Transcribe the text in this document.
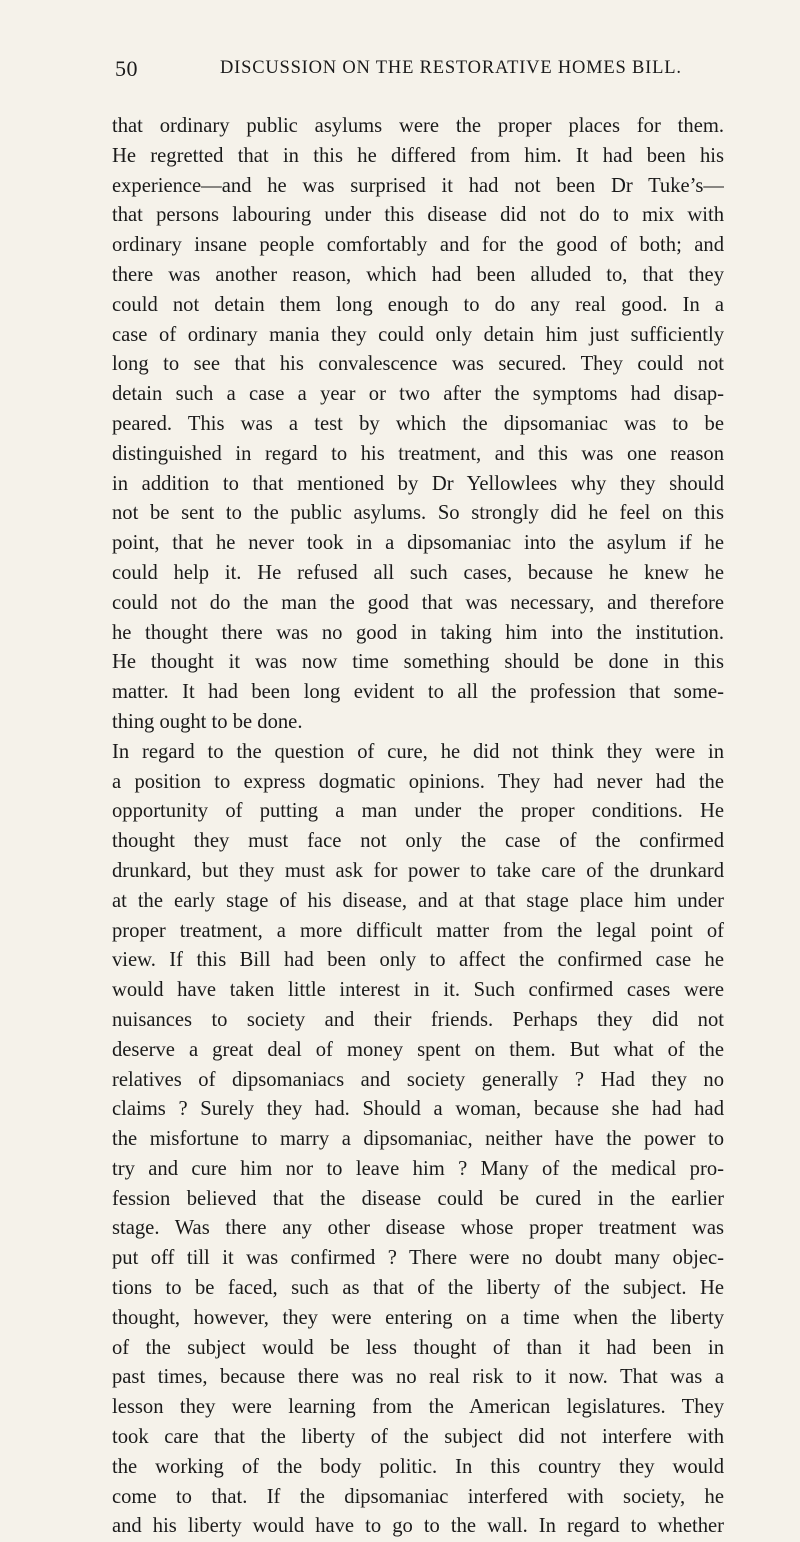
50	DISCUSSION ON THE RESTORATIVE HOMES BILL.
that ordinary public asylums were the proper places for them.
He regretted that in this he differed from him. It had been his
experience—and he was surprised it had not been Dr Tuke’s—
that persons labouring under this disease did not do to mix with
ordinary insane people comfortably and for the good of both; and
there was another reason, which had been alluded to, that they
could not detain them long enough to do any real good. In a
case of ordinary mania they could only detain him just sufficiently
long to see that his convalescence was secured. They could not
detain such a case a year or two after the symptoms had disap-
peared. This was a test by which the dipsomaniac was to be
distinguished in regard to his treatment, and this was one reason
in addition to that mentioned by Dr Yellowlees why they should
not be sent to the public asylums. So strongly did he feel on this
point, that he never took in a dipsomaniac into the asylum if he
could help it. He refused all such cases, because he knew he
could not do the man the good that was necessary, and therefore
he thought there was no good in taking him into the institution.
He thought it was now time something should be done in this
matter. It had been long evident to all the profession that some-
thing ought to be done.
In regard to the question of cure, he did not think they were in
a position to express dogmatic opinions. They had never had the
opportunity of putting a man under the proper conditions. He
thought they must face not only the case of the confirmed
drunkard, but they must ask for power to take care of the drunkard
at the early stage of his disease, and at that stage place him under
proper treatment, a more difficult matter from the legal point of
view. If this Bill had been only to affect the confirmed case he
would have taken little interest in it. Such confirmed cases were
nuisances to society and their friends. Perhaps they did not
deserve a great deal of money spent on them. But what of the
relatives of dipsomaniacs and society generally ? Had they no
claims ? Surely they had. Should a woman, because she had had
the misfortune to marry a dipsomaniac, neither have the power to
try and cure him nor to leave him ? Many of the medical pro-
fession believed that the disease could be cured in the earlier
stage. Was there any other disease whose proper treatment was
put off till it was confirmed ? There were no doubt many objec-
tions to be faced, such as that of the liberty of the subject. He
thought, however, they were entering on a time when the liberty
of the subject would be less thought of than it had been in
past times, because there was no real risk to it now. That was a
lesson they were learning from the American legislatures. They
took care that the liberty of the subject did not interfere with
the working of the body politic. In this country they would
come to that. If the dipsomaniac interfered with society, he
and his liberty would have to go to the wall. In regard to whether
